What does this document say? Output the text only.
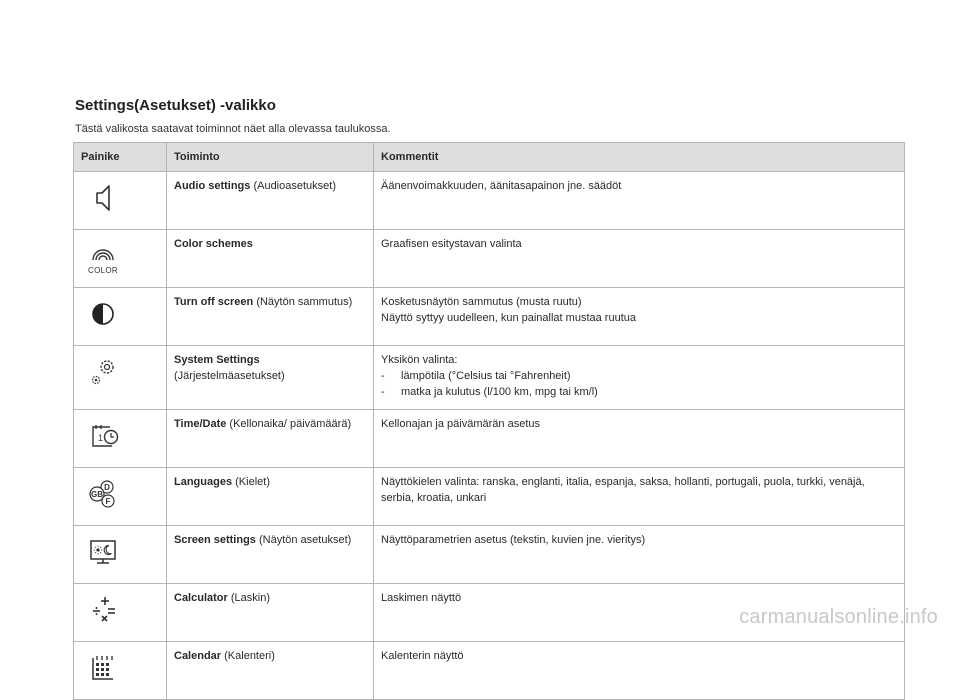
Settings(Asetukset) -valikko
Tästä valikosta saatavat toiminnot näet alla olevassa taulukossa.
Painike	Toiminto	Kommentit

	Audio settings (Audioasetukset)	Äänenvoimakkuuden, äänitasapainon jne. säädöt

COLOR	Color schemes	Graafisen esitystavan valinta

	Turn off screen (Näytön sammutus)	Kosketusnäytön sammutus (musta ruutu)
Näyttö syttyy uudelleen, kun painallat mustaa ruutua

System Settings
(Järjestelmäasetukset)	Yksikön valinta:
- lämpötila (°Celsius tai °Fahrenheit)
- matka ja kulutus (l/100 km, mpg tai km/l)

1	Time/Date (Kellonaika/ päivämäärä)	Kellonajan ja päivämärän asetus

D
GB
F	Languages (Kielet)	Näyttökielen valinta: ranska, englanti, italia, espanja, saksa, hollanti, portugali, puola, turkki, venäjä, serbia, kroatia, unkari

	Screen settings (Näytön asetukset)	Näyttöparametrien asetus (tekstin, kuvien jne. vieritys)

	Calculator (Laskin)	Laskimen näyttö

	Calendar (Kalenteri)	Kalenterin näyttö
carmanualsonline.info
